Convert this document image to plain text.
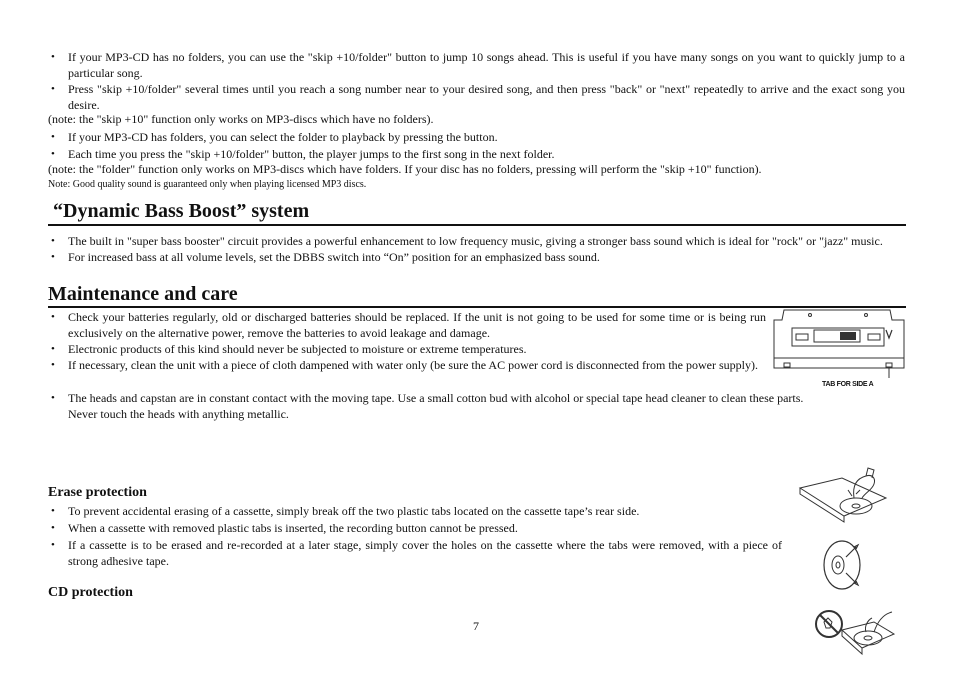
• If your MP3-CD has no folders, you can use the "skip +10/folder" button to jump 10 songs ahead. This is useful if you have many songs on you want to quickly jump to a particular song.
• Press "skip +10/folder" several times until you reach a song number near to your desired song, and then press "back" or "next" repeatedly to arrive and the exact song you desire.

(note: the "skip +10" function only works on MP3-discs which have no folders).

• If your MP3-CD has folders, you can select the folder to playback by pressing the button.
• Each time you press the "skip +10/folder" button, the player jumps to the first song in the next folder.

(note: the "folder" function only works on MP3-discs which have folders. If your disc has no folders, pressing will perform the "skip +10" function).

Note: Good quality sound is guaranteed only when playing licensed MP3 discs.

“Dynamic Bass Boost” system
• The built in "super bass booster" circuit provides a powerful enhancement to low frequency music, giving a stronger bass sound which is ideal for "rock" or "jazz" music.
• For increased bass at all volume levels, set the DBBS switch into “On” position for an emphasized bass sound.
Maintenance and care
• Check your batteries regularly, old or discharged batteries should be replaced. If the unit is not going to be used for some time or is being run exclusively on the alternative power, remove the batteries to avoid leakage and damage.
• Electronic products of this kind should never be subjected to moisture or extreme temperatures.
• If necessary, clean the unit with a piece of cloth dampened with water only (be sure the AC power cord is disconnected from the power supply).
• The heads and capstan are in constant contact with the moving tape. Use a small cotton bud with alcohol or special tape head cleaner to clean these parts. Never touch the heads with anything metallic.
TAB FOR SIDE A
Erase protection
• To prevent accidental erasing of a cassette, simply break off the two plastic tabs located on the cassette tape’s rear side.
• When a cassette with removed plastic tabs is inserted, the recording button cannot be pressed.
• If a cassette is to be erased and re-recorded at a later stage, simply cover the holes on the cassette where the tabs were removed, with a piece of strong adhesive tape.
CD protection
7
